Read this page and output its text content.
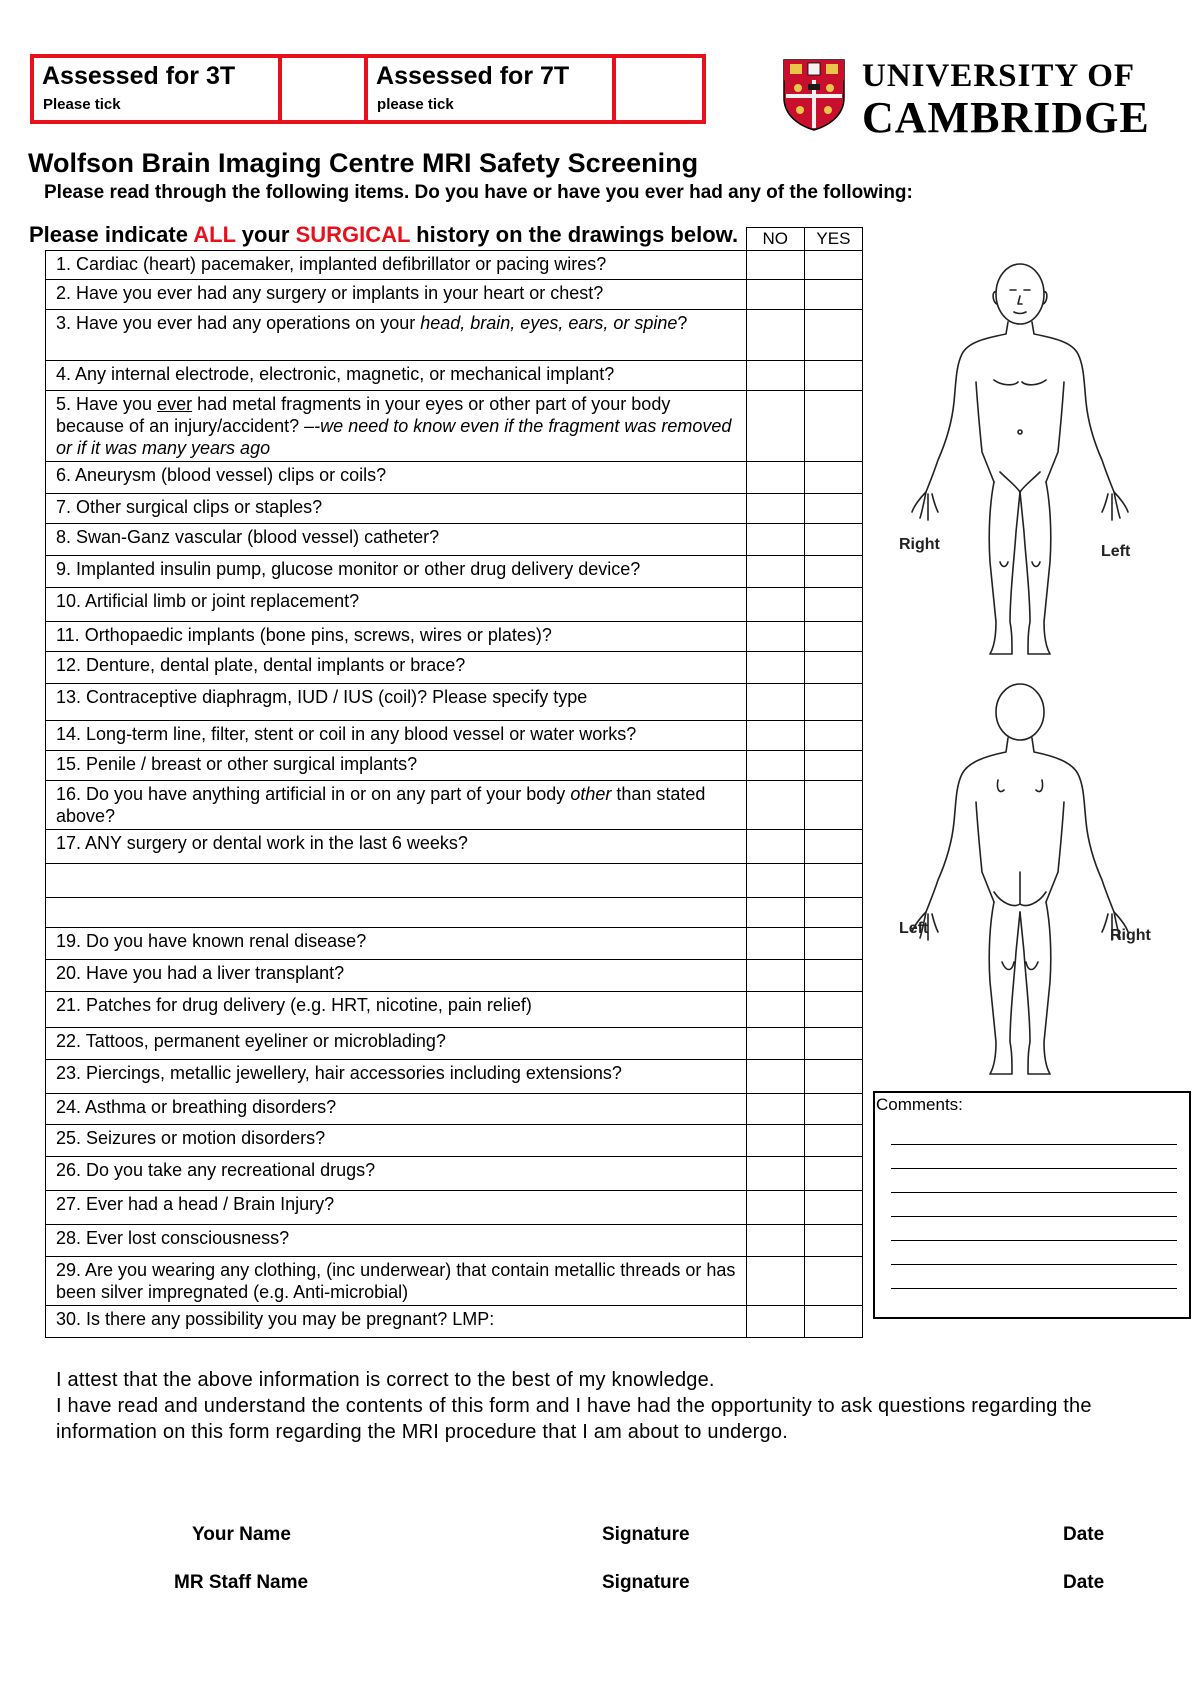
Assessed for 3T
Please tick
Assessed for 7T
please tick
UNIVERSITY OF
CAMBRIDGE
Wolfson Brain Imaging Centre MRI Safety Screening
Please read through the following items. Do you have or have you ever had any of the following:
	NO	YES
1. Cardiac (heart) pacemaker, implanted defibrillator or pacing wires?		
2. Have you ever had any surgery or implants in your heart or chest?		
3. Have you ever had any operations on your head, brain, eyes, ears, or spine?		
4. Any internal electrode, electronic, magnetic, or mechanical implant?		
5. Have you ever had metal fragments in your eyes or other part of your body because of an injury/accident? –-we need to know even if the fragment was removed or if it was many years ago		
6. Aneurysm (blood vessel) clips or coils?		
7. Other surgical clips or staples?		
8. Swan-Ganz vascular (blood vessel) catheter?		
9. Implanted insulin pump, glucose monitor or other drug delivery device?		
10. Artificial limb or joint replacement?		
11. Orthopaedic implants (bone pins, screws, wires or plates)?		
12. Denture, dental plate, dental implants or brace?		
13. Contraceptive diaphragm, IUD / IUS (coil)? Please specify type		
14. Long-term line, filter, stent or coil in any blood vessel or water works?		
15. Penile / breast or other surgical implants?		
16. Do you have anything artificial in or on any part of your body other than stated above?		
17. ANY surgery or dental work in the last 6 weeks?		

19. Do you have known renal disease?		
20. Have you had a liver transplant?		
21. Patches for drug delivery (e.g. HRT, nicotine, pain relief)		
22. Tattoos, permanent eyeliner or microblading?		
23. Piercings, metallic jewellery, hair accessories including extensions?		
24. Asthma or breathing disorders?		
25. Seizures or motion disorders?		
26. Do you take any recreational drugs?		
27. Ever had a head / Brain Injury?		
28. Ever lost consciousness?		
29. Are you wearing any clothing, (inc underwear) that contain metallic threads or has been silver impregnated (e.g. Anti-microbial)		
30. Is there any possibility you may be pregnant? LMP:		
Please indicate ALL your SURGICAL history on the drawings below.
Right	Left
Left	Right
Comments:
I attest that the above information is correct to the best of my knowledge.
I have read and understand the contents of this form and I have had the opportunity to ask questions regarding the information on this form regarding the MRI procedure that I am about to undergo.
Your Name	Signature	Date
MR Staff Name	Signature	Date
